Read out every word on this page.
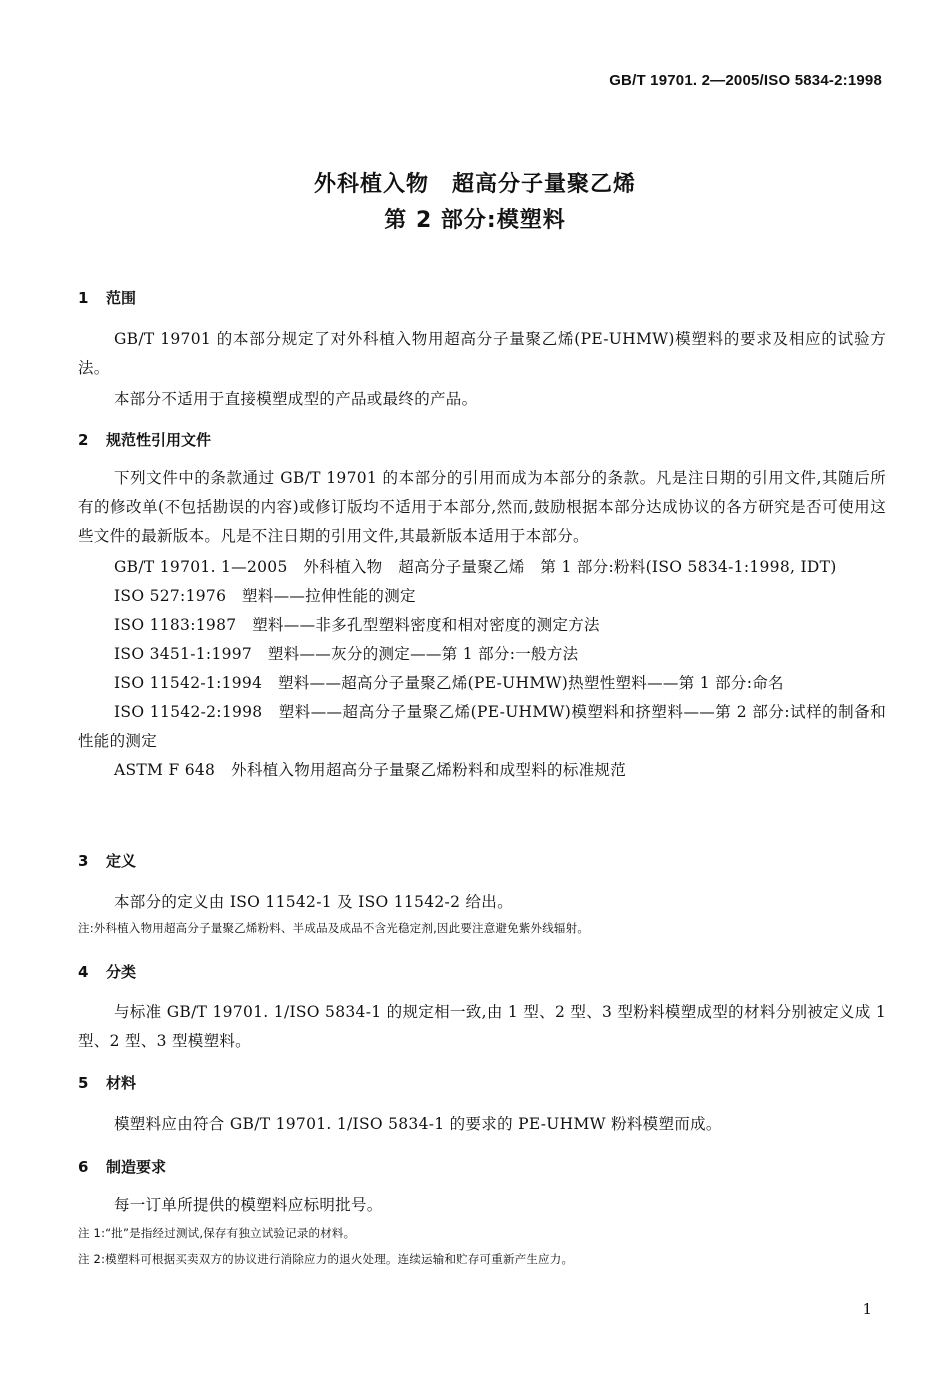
GB/T 19701. 2—2005/ISO 5834-2:1998
外科植入物　超高分子量聚乙烯
第 2 部分:模塑料
1 范围

GB/T 19701 的本部分规定了对外科植入物用超高分子量聚乙烯(PE-UHMW)模塑料的要求及相应的试验方法。

本部分不适用于直接模塑成型的产品或最终的产品。

2 规范性引用文件

下列文件中的条款通过 GB/T 19701 的本部分的引用而成为本部分的条款。凡是注日期的引用文件,其随后所有的修改单(不包括勘误的内容)或修订版均不适用于本部分,然而,鼓励根据本部分达成协议的各方研究是否可使用这些文件的最新版本。凡是不注日期的引用文件,其最新版本适用于本部分。

GB/T 19701. 1—2005　外科植入物　超高分子量聚乙烯　第 1 部分:粉料(ISO 5834-1:1998, IDT)

ISO 527:1976　塑料——拉伸性能的测定

ISO 1183:1987　塑料——非多孔型塑料密度和相对密度的测定方法

ISO 3451-1:1997　塑料——灰分的测定——第 1 部分:一般方法

ISO 11542-1:1994　塑料——超高分子量聚乙烯(PE-UHMW)热塑性塑料——第 1 部分:命名

ISO 11542-2:1998　塑料——超高分子量聚乙烯(PE-UHMW)模塑料和挤塑料——第 2 部分:试样的制备和性能的测定

ASTM F 648　外科植入物用超高分子量聚乙烯粉料和成型料的标准规范

3 定义

本部分的定义由 ISO 11542-1 及 ISO 11542-2 给出。

注:外科植入物用超高分子量聚乙烯粉料、半成品及成品不含光稳定剂,因此要注意避免紫外线辐射。

4 分类

与标准 GB/T 19701. 1/ISO 5834-1 的规定相一致,由 1 型、2 型、3 型粉料模塑成型的材料分别被定义成 1 型、2 型、3 型模塑料。

5 材料

模塑料应由符合 GB/T 19701. 1/ISO 5834-1 的要求的 PE-UHMW 粉料模塑而成。

6 制造要求

每一订单所提供的模塑料应标明批号。

注 1:“批”是指经过测试,保存有独立试验记录的材料。

注 2:模塑料可根据买卖双方的协议进行消除应力的退火处理。连续运输和贮存可重新产生应力。

1
